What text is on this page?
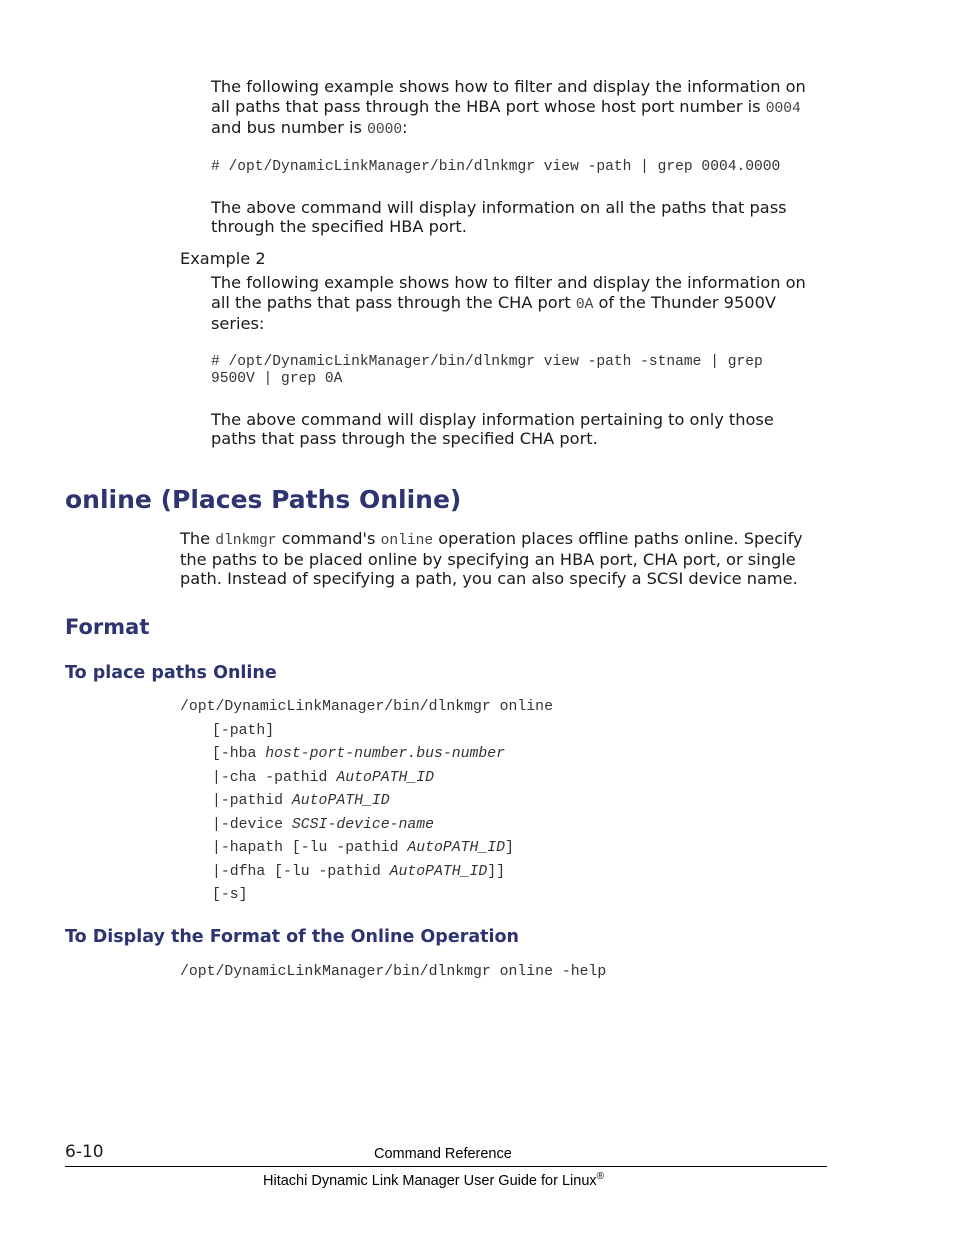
The following example shows how to filter and display the information on

all paths that pass through the HBA port whose host port number is 0004

and bus number is 0000:

# /opt/DynamicLinkManager/bin/dlnkmgr view -path | grep 0004.0000

The above command will display information on all the paths that pass

through the specified HBA port.

Example 2

The following example shows how to filter and display the information on

all the paths that pass through the CHA port 0A of the Thunder 9500V

series:

# /opt/DynamicLinkManager/bin/dlnkmgr view -path -stname | grep

9500V | grep 0A

The above command will display information pertaining to only those

paths that pass through the specified CHA port.

online (Places Paths Online)

The dlnkmgr command's online operation places offline paths online. Specify

the paths to be placed online by specifying an HBA port, CHA port, or single

path. Instead of specifying a path, you can also specify a SCSI device name.

Format
To place paths Online
/opt/DynamicLinkManager/bin/dlnkmgr online
[-path]
[-hba host-port-number.bus-number
|-cha -pathid AutoPATH_ID
|-pathid AutoPATH_ID
|-device SCSI-device-name
|-hapath [-lu -pathid AutoPATH_ID]
|-dfha [-lu -pathid AutoPATH_ID]]
[-s]
To Display the Format of the Online Operation
/opt/DynamicLinkManager/bin/dlnkmgr online -help
6-10	Command Reference
Hitachi Dynamic Link Manager User Guide for Linux®
